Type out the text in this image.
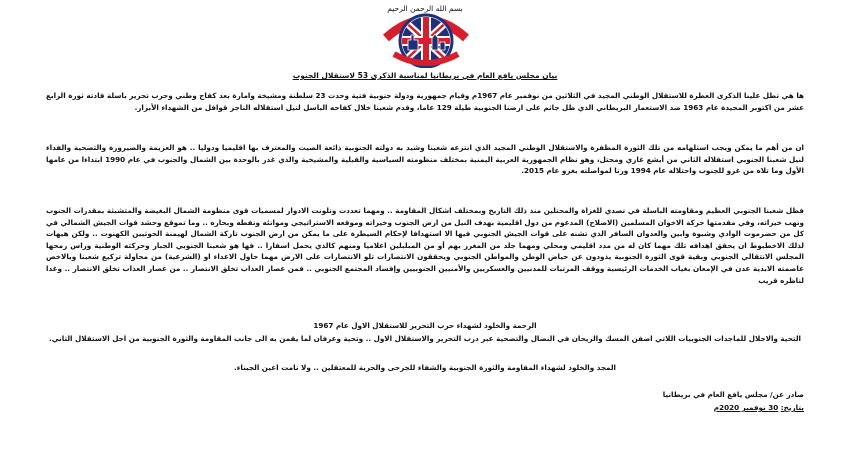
بسم الله الرحمن الرحيم
بيان مجلس يافع العام في بريطانيا لمناسبة الذكرى 53 لاستقلال الجنوب

ها هي تطل علينا الذكرى العطرة للاستقلال الوطني المجيد في الثلاثين من نوفمبر عام 1967م وقيام جمهورية ودولة جنوبية فتية وحدت 23 سلطنة ومشيخة وامارة بعد كفاح وطني وحرب تحرير باسلة قادته ثورة الرابع عشر من اكتوبر المجيدة عام 1963 ضد الاستعمار البريطاني الذي ظل جاثم على ارضنا الجنوبية طيلة 129 عاما، وقدم شعبنا خلال كفاحه الباسل لنيل استقلاله الناجز قوافل من الشهداء الأبرار.

ان من أهم ما يمكن ويجب استلهامه من تلك الثورة المظفرة والاستقلال الوطني المجيد الذي انتزعه شعبنا وشيد به دولته الجنوبية ذائعة الصيت والمعترف بها اقليميا ودوليا .. هو العزيمة والصيرورة والتضحية والفداء لنيل شعبنا الجنوبي استقلاله الثاني من أيشع غازي ومحتل، وهو نظام الجمهورية العربية اليمنية بمختلف منظومته السياسية والقبلية والمشيخية والذي غدر بالوحدة بين الشمال والجنوب في عام 1990 ابتداءا من عامها الأول وما تلاه من غزو للجنوب واحتلاله عام 1994 ورنا لمواصلته بغزو عام 2015.

فظل شعبنا الجنوبي العظيم ومقاومته الباسلة في تصدي للغزاة والمحتلين منذ ذلك التاريخ وبمختلف اشكال المقاومة .. ومهما تعددت وتلونت الادوار لمسميات قوى منظومة الشمال البغيضة والمتشبثة بمقدرات الجنوب ونهب خيراته، وفي مقدمتها حركة الاخوان المسلمين (الاصلاح) المدعوم من دول اقليمية بهدف النيل من ارض الجنوب وخيراته وموقعه الاستراتيجي وموانئه ونفطه وبحاره .. وما تموقع وحشد قوات الجيش الشمالي في كل من حضرموت الوادي وشبوة وابين والعدوان السافر الذي تشنه على قوات الجيش الجنوبي فيها الا استهدافا لإحكام السيطرة على ما يمكن من ارض الجنوب تاركة الشمال لهيمنة الحوثيين الكهنوت .. ولكن هيهات لذلك الاخطبوط ان يحقق اهدافه تلك مهما كان له من مدد اقليمي ومحلي ومهما جلد من المغرر بهم أو من المبلبلين اعلاميا ومنهم كالذي يحمل اسفارا .. فها هو شعبنا الجنوبي الجبار وحركته الوطنية وراس رمحها المجلس الانتقالي الجنوبي وبقية قوى الثورة الجنوبية يذودون عن حياض الوطن والمواطن الجنوبي ويحققون الانتصارات تلو الانتصارات على الارض مهما حاول الاعداء او (الشرعية) من محاولة تركيع شعبنا وبالاخص عاصمته الابدية عدن في الإمعان بغياب الخدمات الرئيسية ووقف المرتبات للمدنيين والعسكريين والأمنيين الجنوبيين وإفساد المجتمع الجنوبي .. فمن عصار العذاب تخلق الانتصار .. من عصار العذاب تخلق الانتصار .. وغدا لناظره قريب

الرحمة والخلود لشهداء حرب التحرير للاستقلال الاول عام 1967
التحية والاجلال للماجدات الجنوبيات اللاتي اضفن المسك والريحان في النضال والتضحية عبر درب التحرير والاستقلال الاول .. وتحية وعرفان لما يقمن به الى جانب المقاومة والثورة الجنوبية من اجل الاستقلال الثاني.
المجد والخلود لشهداء المقاومة والثورة الجنوبية والشفاء للجرحى والحرية للمعتقلين .. ولا نامت اعين الجبناء.
صادر عن/ مجلس يافع العام في بريطانيا
بتاريخ: 30 نوفمبر 2020م
